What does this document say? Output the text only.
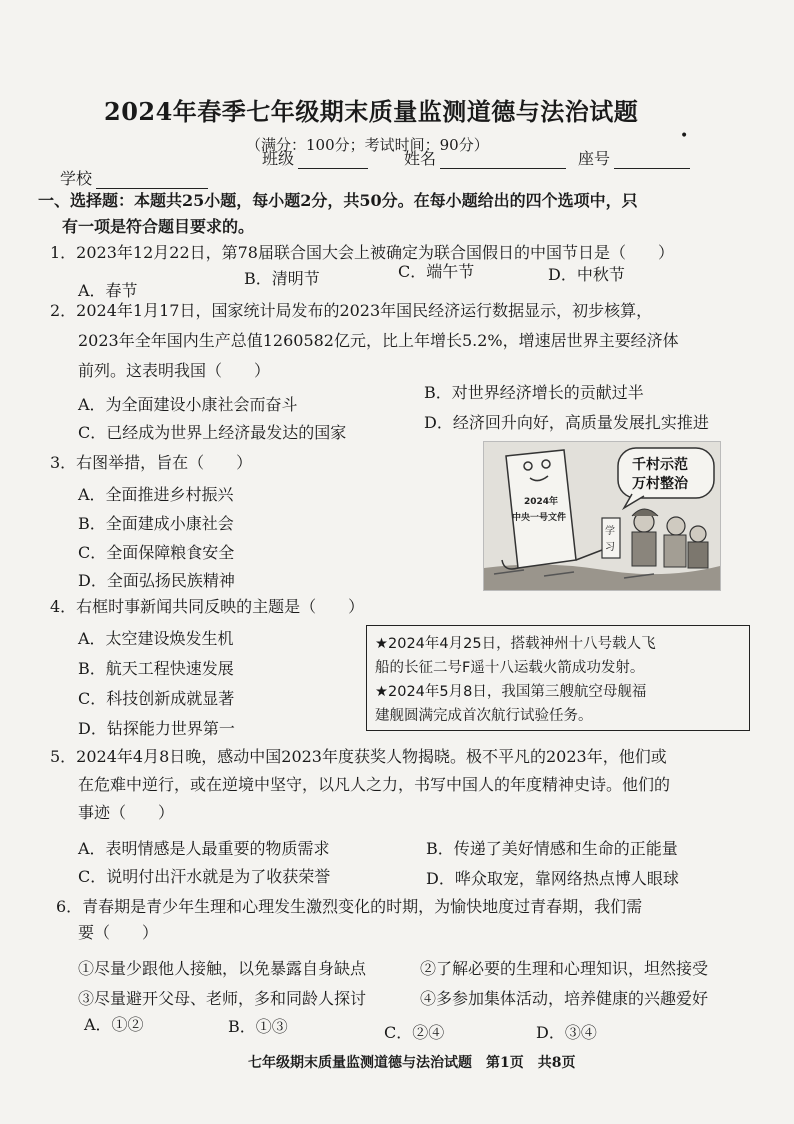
2024年春季七年级期末质量监测道德与法治试题
（满分：100分；考试时间：90分）	•
学校
班级	姓名	座号
一、选择题：本题共25小题，每小题2分，共50分。在每小题给出的四个选项中，只
有一项是符合题目要求的。
1．2023年12月22日，第78届联合国大会上被确定为联合国假日的中国节日是（　　）
A．春节
B．清明节	C．端午节	D．中秋节
2．2024年1月17日，国家统计局发布的2023年国民经济运行数据显示，初步核算，
2023年全年国内生产总值1260582亿元，比上年增长5.2%，增速居世界主要经济体
前列。这表明我国（　　）
A．为全面建设小康社会而奋斗
B．对世界经济增长的贡献过半
C．已经成为世界上经济最发达的国家
D．经济回升向好，高质量发展扎实推进
3．右图举措，旨在（　　）
A．全面推进乡村振兴
B．全面建成小康社会
C．全面保障粮食安全
D．全面弘扬民族精神
2024年
中央一号文件
千村示范
万村整治
学
习
4．右框时事新闻共同反映的主题是（　　）
A．太空建设焕发生机
B．航天工程快速发展
C．科技创新成就显著
D．钻探能力世界第一

★2024年4月25日，搭载神州十八号载人飞

船的长征二号F遥十八运载火箭成功发射。

★2024年5月8日，我国第三艘航空母舰福

建舰圆满完成首次航行试验任务。

5．2024年4月8日晚，感动中国2023年度获奖人物揭晓。极不平凡的2023年，他们或
在危难中逆行，或在逆境中坚守，以凡人之力，书写中国人的年度精神史诗。他们的
事迹（　　）
A．表明情感是人最重要的物质需求	B．传递了美好情感和生命的正能量
C．说明付出汗水就是为了收获荣誉	D．哗众取宠，靠网络热点博人眼球
6．青春期是青少年生理和心理发生激烈变化的时期，为愉快地度过青春期，我们需
要（　　）
①尽量少跟他人接触，以免暴露自身缺点	②了解必要的生理和心理知识，坦然接受
③尽量避开父母、老师，多和同龄人探讨	④多参加集体活动，培养健康的兴趣爱好
A．①②	B．①③	C．②④	D．③④
七年级期末质量监测道德与法治试题　第1页　共8页
